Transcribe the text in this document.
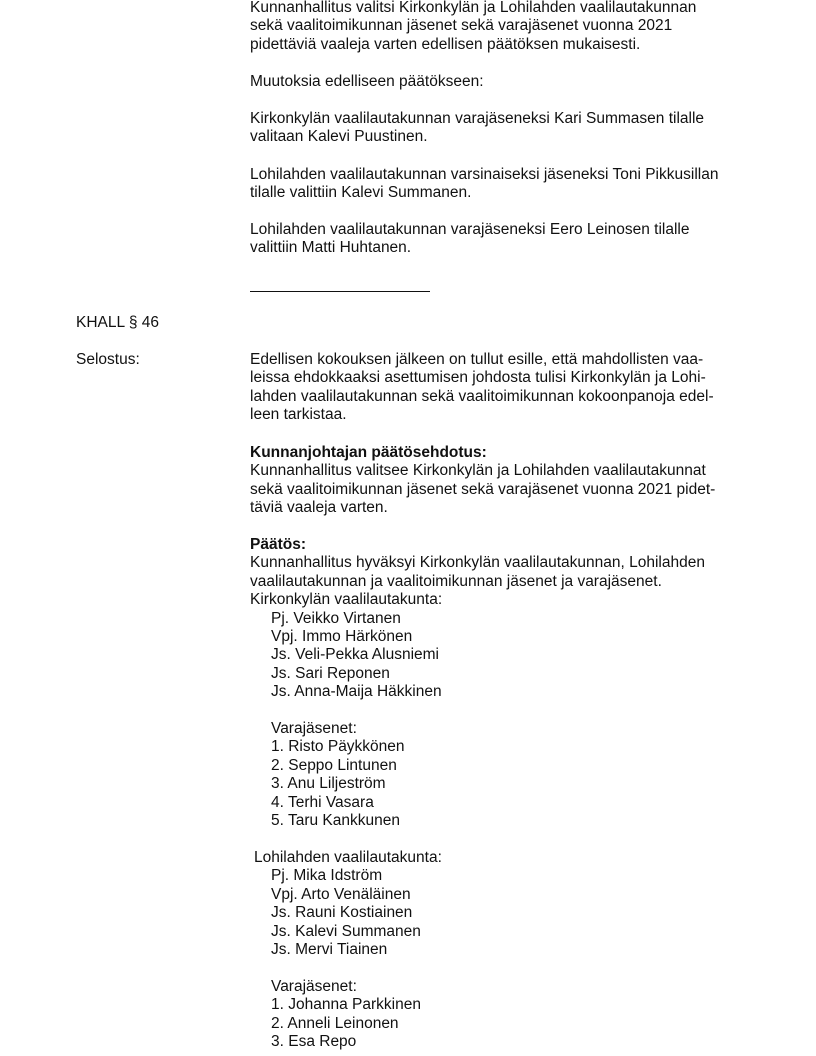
Kunnanhallitus valitsi Kirkonkylän ja Lohilahden vaalilautakunnan
sekä vaalitoimikunnan jäsenet sekä varajäsenet vuonna 2021
pidettäviä vaaleja varten edellisen päätöksen mukaisesti.
Muutoksia edelliseen päätökseen:
Kirkonkylän vaalilautakunnan varajäseneksi Kari Summasen tilalle
valitaan Kalevi Puustinen.
Lohilahden vaalilautakunnan varsinaiseksi jäseneksi Toni Pikkusillan
tilalle valittiin Kalevi Summanen.
Lohilahden vaalilautakunnan varajäseneksi Eero Leinosen tilalle
valittiin Matti Huhtanen.
KHALL § 46
Selostus:	Edellisen kokouksen jälkeen on tullut esille, että mahdollisten vaa-
leissa ehdokkaaksi asettumisen johdosta tulisi Kirkonkylän ja Lohi-
lahden vaalilautakunnan sekä vaalitoimikunnan kokoonpanoja edel-
leen tarkistaa.
Kunnanjohtajan päätösehdotus:
Kunnanhallitus valitsee Kirkonkylän ja Lohilahden vaalilautakunnat
sekä vaalitoimikunnan jäsenet sekä varajäsenet vuonna 2021 pidet-
täviä vaaleja varten.
Päätös:
Kunnanhallitus hyväksyi Kirkonkylän vaalilautakunnan, Lohilahden
vaalilautakunnan ja vaalitoimikunnan jäsenet ja varajäsenet.
Kirkonkylän vaalilautakunta:
Pj. Veikko Virtanen
Vpj. Immo Härkönen
Js. Veli-Pekka Alusniemi
Js. Sari Reponen
Js. Anna-Maija Häkkinen

Varajäsenet:
1. Risto Päykkönen
2. Seppo Lintunen
3. Anu Liljeström
4. Terhi Vasara
5. Taru Kankkunen

Lohilahden vaalilautakunta:
Pj. Mika Idström
Vpj. Arto Venäläinen
Js. Rauni Kostiainen
Js. Kalevi Summanen
Js. Mervi Tiainen

Varajäsenet:
1. Johanna Parkkinen
2. Anneli Leinonen
3. Esa Repo
